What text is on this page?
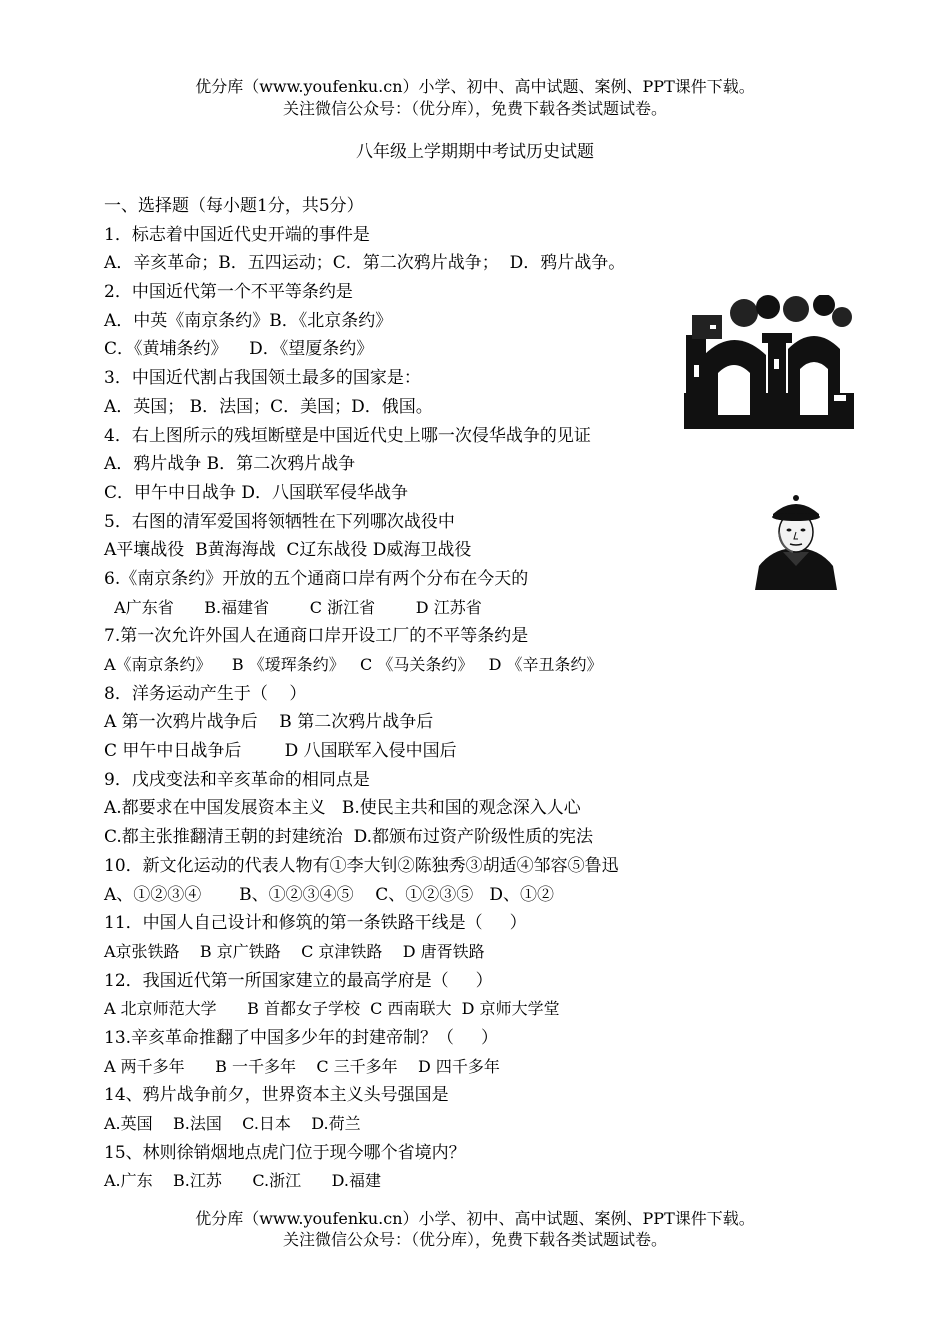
优分库（www.youfenku.cn）小学、初中、高中试题、案例、PPT课件下载。
关注微信公众号：（优分库），免费下载各类试题试卷。
八年级上学期期中考试历史试题
一、选择题（每小题1分，共5分）
1．标志着中国近代史开端的事件是
A．辛亥革命；B．五四运动；C．第二次鸦片战争；  D．鸦片战争。
2．中国近代第一个不平等条约是
A．中英《南京条约》B．《北京条约》
C．《黄埔条约》    D．《望厦条约》
3．中国近代割占我国领土最多的国家是：
A．英国； B．法国；C．美国；D．俄国。
4．右上图所示的残垣断壁是中国近代史上哪一次侵华战争的见证
A．鸦片战争 B．第二次鸦片战争
C．甲午中日战争 D．八国联军侵华战争
5．右图的清军爱国将领牺牲在下列哪次战役中
A平壤战役  B黄海海战  C辽东战役 D威海卫战役
6.《南京条约》开放的五个通商口岸有两个分布在今天的
A广东省      B.福建省        C 浙江省        D 江苏省
7.第一次允许外国人在通商口岸开设工厂的不平等条约是
A《南京条约》    B 《瑷珲条约》   C 《马关条约》   D 《辛丑条约》
8．洋务运动产生于（    ）
A 第一次鸦片战争后    B 第二次鸦片战争后
C 甲午中日战争后        D 八国联军入侵中国后
9．戊戌变法和辛亥革命的相同点是
A.都要求在中国发展资本主义   B.使民主共和国的观念深入人心
C.都主张推翻清王朝的封建统治  D.都颁布过资产阶级性质的宪法
10．新文化运动的代表人物有①李大钊②陈独秀③胡适④邹容⑤鲁迅
A、①②③④       B、①②③④⑤    C、①②③⑤   D、①②
11．中国人自己设计和修筑的第一条铁路干线是（     ）
A京张铁路    B 京广铁路    C 京津铁路    D 唐胥铁路
12．我国近代第一所国家建立的最高学府是（     ）
A 北京师范大学      B 首都女子学校  C 西南联大  D 京师大学堂
13.辛亥革命推翻了中国多少年的封建帝制？（     ）
A 两千多年      B 一千多年    C 三千多年    D 四千多年
14、鸦片战争前夕，世界资本主义头号强国是
A.英国    B.法国    C.日本    D.荷兰
15、林则徐销烟地点虎门位于现今哪个省境内？
A.广东    B.江苏      C.浙江      D.福建
优分库（www.youfenku.cn）小学、初中、高中试题、案例、PPT课件下载。
关注微信公众号：（优分库），免费下载各类试题试卷。
